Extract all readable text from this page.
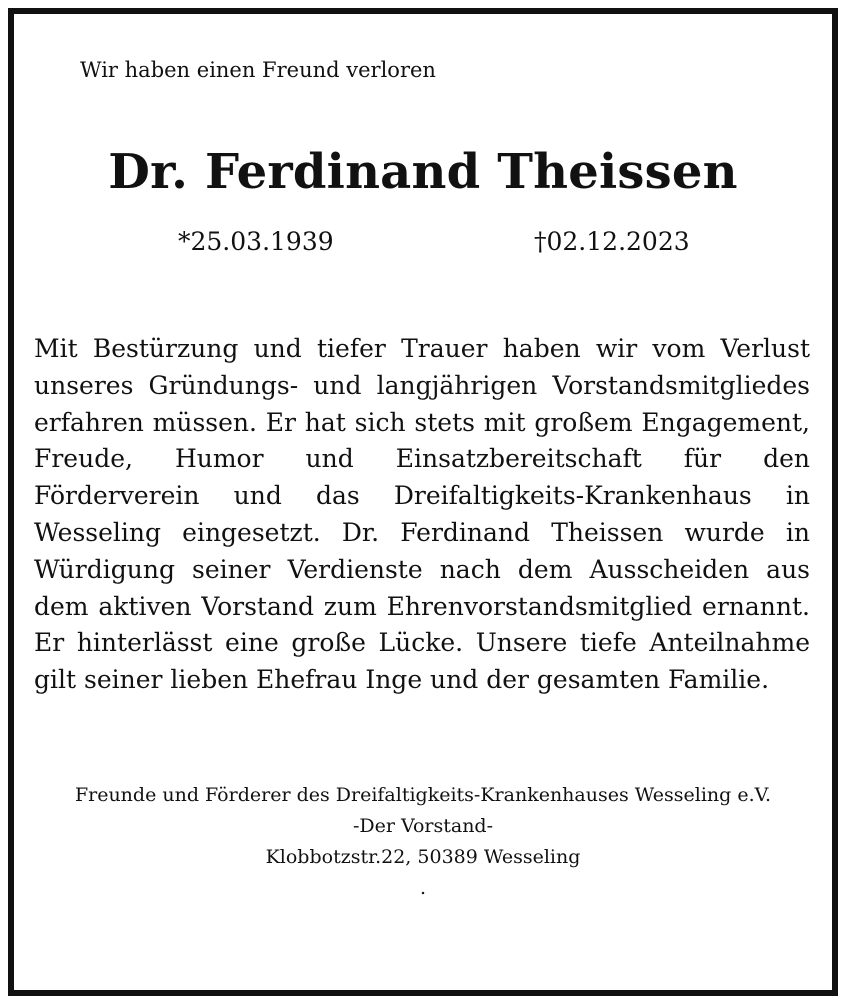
Wir haben einen Freund verloren
Dr. Ferdinand Theissen
*25.03.1939	†02.12.2023
Mit Bestürzung und tiefer Trauer haben wir vom Verlust
unseres Gründungs- und langjährigen Vorstandsmitgliedes
erfahren müssen. Er hat sich stets mit großem Engagement,
Freude, Humor und Einsatzbereitschaft für den
Förderverein und das Dreifaltigkeits-Krankenhaus in
Wesseling eingesetzt. Dr. Ferdinand Theissen wurde in
Würdigung seiner Verdienste nach dem Ausscheiden aus
dem aktiven Vorstand zum Ehrenvorstandsmitglied ernannt.
Er hinterlässt eine große Lücke. Unsere tiefe Anteilnahme
gilt seiner lieben Ehefrau Inge und der gesamten Familie.
Freunde und Förderer des Dreifaltigkeits-Krankenhauses Wesseling e.V.
-Der Vorstand-
Klobbotzstr.22, 50389 Wesseling
.
